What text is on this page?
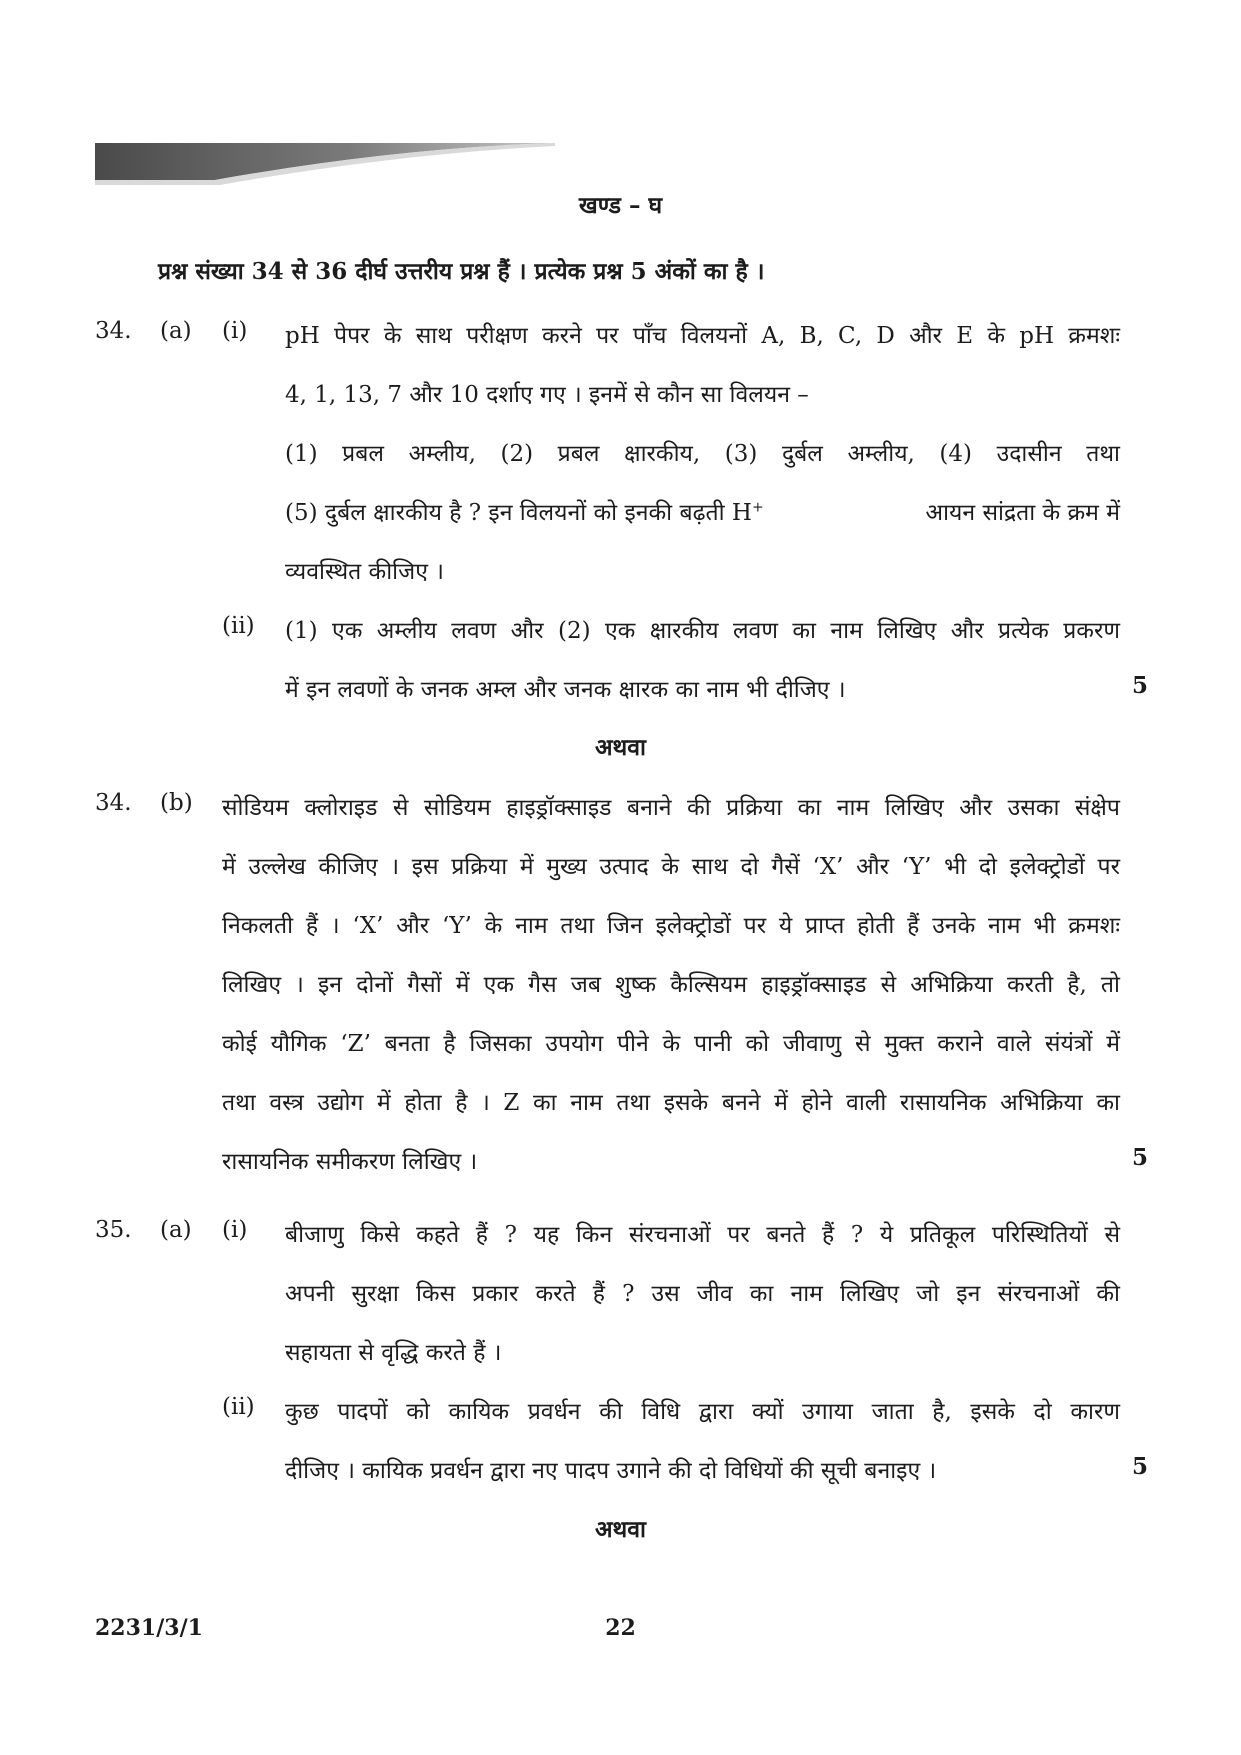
खण्ड – घ
प्रश्न संख्या 34 से 36 दीर्घ उत्तरीय प्रश्न हैं । प्रत्येक प्रश्न 5 अंकों का है ।
34. (a) (i) pH पेपर के साथ परीक्षण करने पर पाँच विलयनों A, B, C, D और E के pH क्रमशः
4, 1, 13, 7 और 10 दर्शाए गए । इनमें से कौन सा विलयन –
(1) प्रबल अम्लीय, (2) प्रबल क्षारकीय, (3) दुर्बल अम्लीय, (4) उदासीन तथा
(5) दुर्बल क्षारकीय है ? इन विलयनों को इनकी बढ़ती H+	आयन सांद्रता के क्रम में
व्यवस्थित कीजिए ।
(ii) (1) एक अम्लीय लवण और (2) एक क्षारकीय लवण का नाम लिखिए और प्रत्येक प्रकरण
में इन लवणों के जनक अम्ल और जनक क्षारक का नाम भी दीजिए ।	5
अथवा
34. (b) सोडियम क्लोराइड से सोडियम हाइड्रॉक्साइड बनाने की प्रक्रिया का नाम लिखिए और उसका संक्षेप
में उल्लेख कीजिए । इस प्रक्रिया में मुख्य उत्पाद के साथ दो गैसें ‘X’ और ‘Y’ भी दो इलेक्ट्रोडों पर
निकलती हैं । ‘X’ और ‘Y’ के नाम तथा जिन इलेक्ट्रोडों पर ये प्राप्त होती हैं उनके नाम भी क्रमशः
लिखिए । इन दोनों गैसों में एक गैस जब शुष्क कैल्सियम हाइड्रॉक्साइड से अभिक्रिया करती है, तो
कोई यौगिक ‘Z’ बनता है जिसका उपयोग पीने के पानी को जीवाणु से मुक्त कराने वाले संयंत्रों में
तथा वस्त्र उद्योग में होता है । Z का नाम तथा इसके बनने में होने वाली रासायनिक अभिक्रिया का
रासायनिक समीकरण लिखिए ।	5
35. (a) (i) बीजाणु किसे कहते हैं ? यह किन संरचनाओं पर बनते हैं ? ये प्रतिकूल परिस्थितियों से
अपनी सुरक्षा किस प्रकार करते हैं ? उस जीव का नाम लिखिए जो इन संरचनाओं की
सहायता से वृद्धि करते हैं ।
(ii) कुछ पादपों को कायिक प्रवर्धन की विधि द्वारा क्यों उगाया जाता है, इसके दो कारण
दीजिए । कायिक प्रवर्धन द्वारा नए पादप उगाने की दो विधियों की सूची बनाइए ।	5
अथवा
2231/3/1	22
